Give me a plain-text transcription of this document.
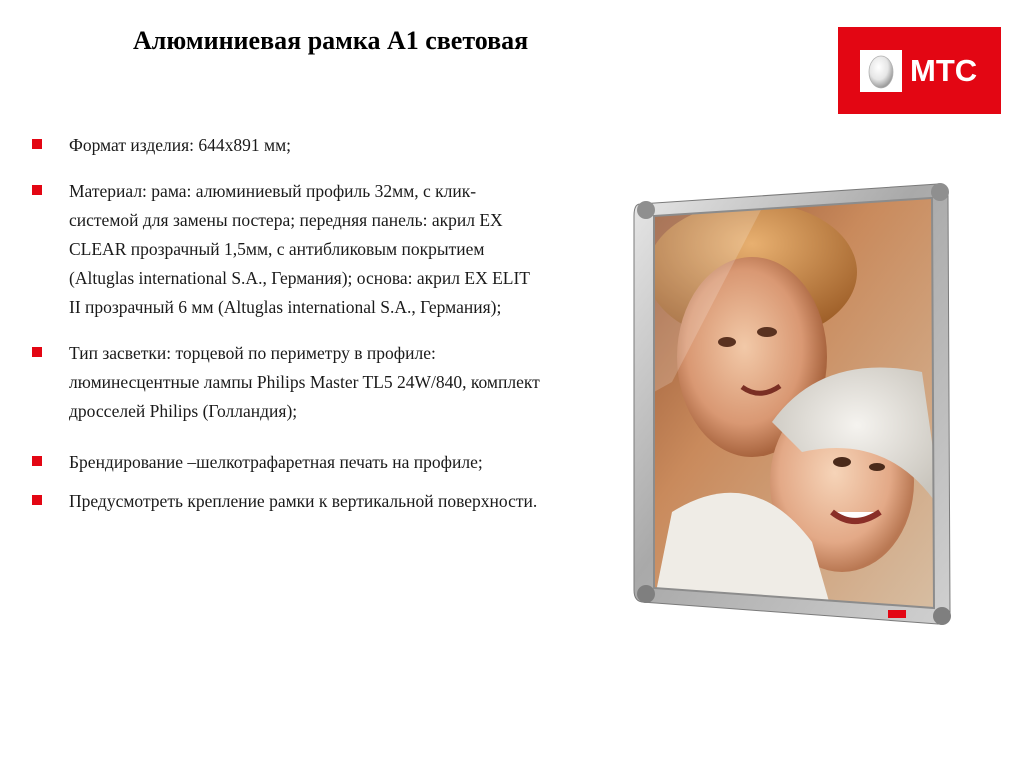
Алюминиевая рамка А1 световая
МТС
Формат изделия: 644х891 мм;
Материал: рама: алюминиевый профиль 32мм, с клик-системой для замены постера; передняя панель: акрил EX CLEAR прозрачный 1,5мм, с антибликовым покрытием (Altuglas international S.A., Германия); основа: акрил EX ELIT II прозрачный 6 мм (Altuglas international S.A., Германия);
Тип засветки: торцевой по периметру в профиле: люминесцентные лампы Philips Master TL5 24W/840, комплект дросселей Philips (Голландия);
Брендирование –шелкотрафаретная печать на профиле;
Предусмотреть крепление рамки к вертикальной поверхности.
